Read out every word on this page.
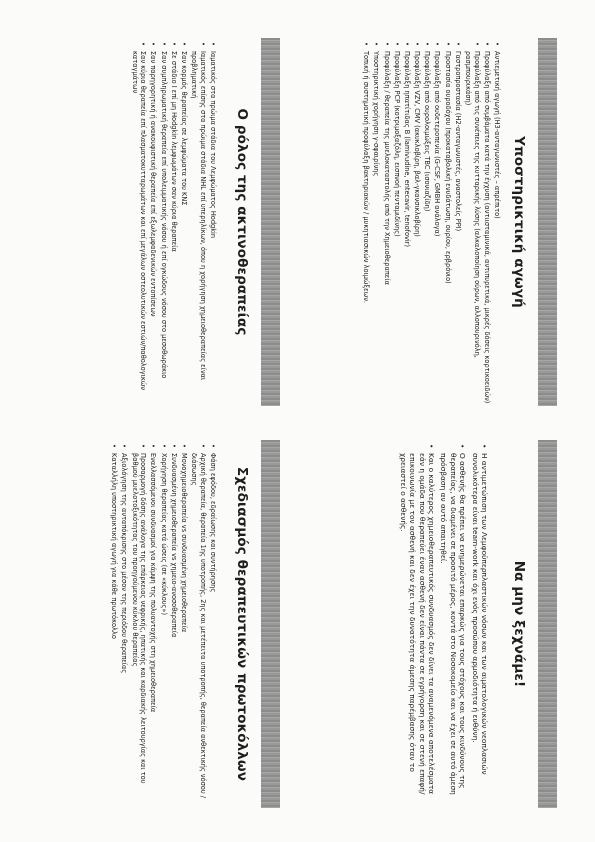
Ο ρόλος της ακτινοθεραπείας
• Ιαματικός στα πρώιμα στάδια του Λεμφώματος Hodgkin
• Ιαματικός επίσης στα πρώιμα στάδια NHL επί υπερηλίκων, όπου η χορήγηση χημειοθεραπείας είναι προβληματική
• Σαν κορμός θεραπείας σε λεμφώματα του ΚΝΣ
• Σε στάδιο I επί μη Hodgkin λεμφωμάτων σαν κύρια θεραπεία
• Σαν συμπληρωματική θεραπεία επί υπολειμματικής νόσου ή επί ογκώδους νόσου στο μεσοθωράκιο
• Σαν παρηγορητική ή ανακουφιστική θεραπεία επί εξωλεμφαδενικών εντοπίσεων
• Σαν κύρια θεραπεία επί πλασματοκυτταρωμάτων και επί μεγάλων οστεολυτικών εστιών/παθολογικών καταγμάτων
Υποστηρικτική αγωγή
• Αντιεμετική αγωγή (Η3-ανταγωνιστές – απρέπιτο)
• Προφύλαξη από συμβάματα κατά την έγχυση (αντιισταμινικά, αντιπυρετικά, μικρές δόσεις κορτικοειδών)
• Προφύλαξη από τις συνέπειες της κυτταρικής λύσης (αλκαλοποίηση ούρων, αλλοπουρινόλη, ρασμπουρικάση)
• Γαστροπροστασία (H2-ανταγωνιστές, αναστολείς PPI)
• Προστασία ουροδόχου (προκαταβολική ενυδάτωση, ουρίου, ερβρόνιο)
• Προφύλαξη από ουδετεροπενία (G-CSF, GMBH ανάλογα)
• Προφύλαξη από ουρολοιμώξεις TBC (ισονιαζίδη)
• Προφύλαξη VZV, CMV (ακυκλοβίρη, βαλ-γκανσικλοβίρη)
• Προφύλαξη ηπατίτιδας B (lamivudine, entecavir, tenofovir)
• Προφύλαξη PCP (κοτριμοξαζόλη, εισπνοή πενταμιδίνης)
• Προφύλαξη / θεραπεία της μυελοκαταστολής από την Χημειοθεραπεία
• Υποστηρικτική χορήγηση γ-σφαιρίνης
• Τοπική ή συστηματική προφύλαξη βακτηριακών / μυκητιασικών λοιμώξεων.
Σχεδιασμός θεραπευτικών πρωτοκόλλων
• Φάση εφόδου, εδραίωσης και συντήρησης
• Αρχική θεραπεία, θεραπεία 1ης υποτροπής, 2ης και μετέπειτα υποτροπής, θεραπεία ανθεκτικής νόσου / διάσωσης
• Μονοχημειοθεραπεία vs συνδυασμένη χημειοθεραπεία
• Συνδυασμένη χημειοθεραπεία vs χημειο-ανοσοθεραπεία
• Χορήγηση θεραπείας κατά ώσεις (σε «κύκλους»)
• Εναλλασσόμενοι συνδυασμοί για κάμψη της πολυαντοχής στη χημειοθεραπεία
• Προσαρμογή δόσης ανάλογα της επάρκειας νεφρικής, ηπατικής και καρδιακής λειτουργίας και του βαθμού μυελοτοξικότητας του προηγούμενου κύκλου θεραπείας
• Αξιολόγηση της ανταπόκρισης στο μέσον της περιόδου θεραπείας
• Καταλλήλη υποστηρικτική αγωγή για κάθε πρωτόκολλο	Να μην ξεχνάμε!
• Η αντιμετώπιση των Λεμφοϋπερπλαστικών νόσων και των αιματολογικών νεοπλασιών συνολικότερα είναι team-work και όχι ενός προσώπου αρμοδιότητα ή ευθύνη.
• Ο ασθενής θα πρέπει να ενημερώνεται επαρκώς για τους στόχους και τους κινδύνους της θεραπείας, να διαμένει σε προσιτό μέρος, κοντά στο Νοσοκομείο και να έχει σε αυτό άμεση πρόσβαση αν αυτό απαιτηθεί.
• Και ο καλύτερος χημειοθεραπευτικός συνδυασμός δεν δίνει τα αναμενόμενα αποτελέσματα εάν η ομάδα που θεραπεύει έναν ασθενή δεν είναι πάντα σε εγρήγορση και σε στενή επαφή/επικοινωνία με τον ασθενή και δεν έχει την δυνατότητα άμεσης παρέμβασης όταν το χρειαστεί ο ασθενής.
